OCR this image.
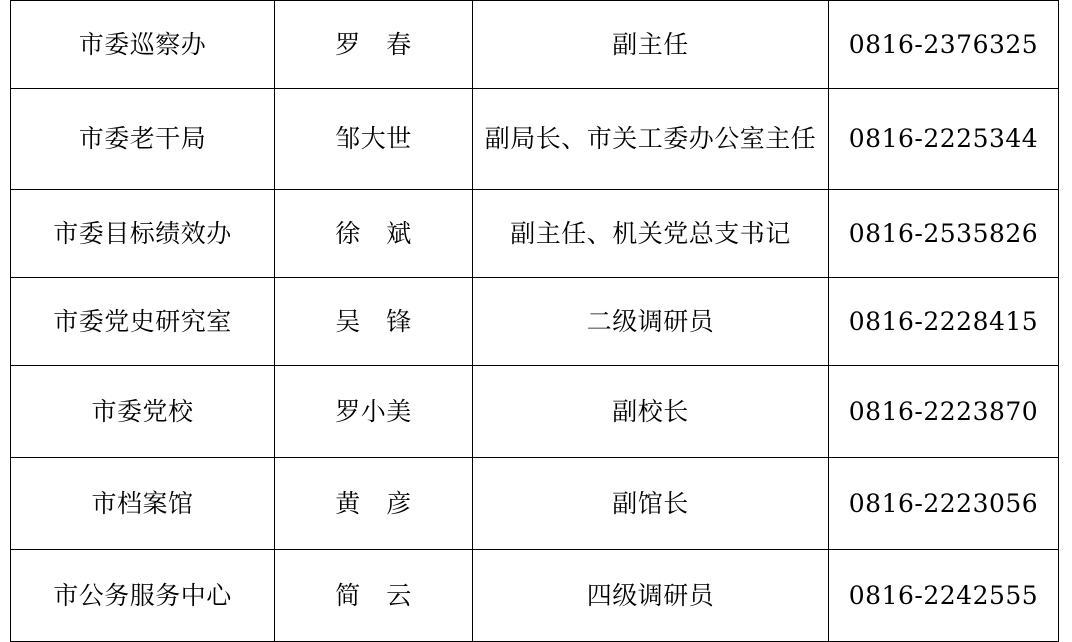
市委巡察办	罗　春	副主任	0816-2376325
市委老干局	邹大世	副局长、市关工委办公室主任	0816-2225344
市委目标绩效办	徐　斌	副主任、机关党总支书记	0816-2535826
市委党史研究室	吴　锋	二级调研员	0816-2228415
市委党校	罗小美	副校长	0816-2223870
市档案馆	黄　彦	副馆长	0816-2223056
市公务服务中心	简　云	四级调研员	0816-2242555
